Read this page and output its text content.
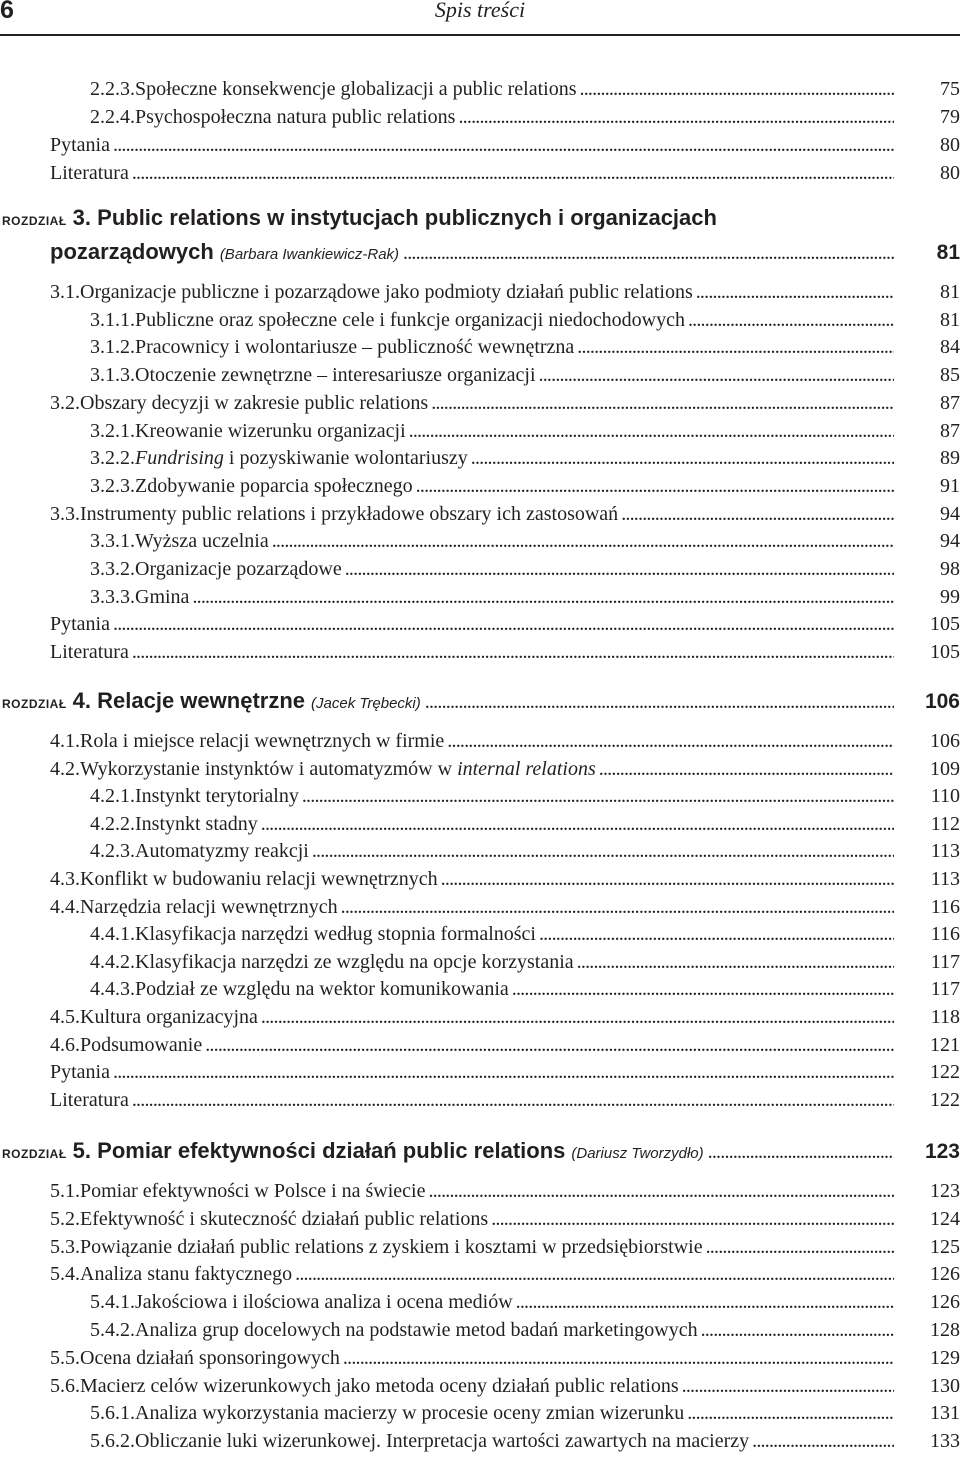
6	Spis treści
2.2.3. Społeczne konsekwencje globalizacji a public relations . . .	75
2.2.4. Psychospołeczna natura public relations . . .	79
Pytania . . .	80
Literatura . . .	80
ROZDZIAŁ 3. Public relations w instytucjach publicznych i organizacjach
pozarządowych (Barbara Iwankiewicz-Rak) . . .	81
3.1. Organizacje publiczne i pozarządowe jako podmioty działań public relations . . .	81
3.1.1. Publiczne oraz społeczne cele i funkcje organizacji niedochodowych . . .	81
3.1.2. Pracownicy i wolontariusze – publiczność wewnętrzna . . .	84
3.1.3. Otoczenie zewnętrzne – interesariusze organizacji . . .	85
3.2. Obszary decyzji w zakresie public relations . . .	87
3.2.1. Kreowanie wizerunku organizacji . . .	87
3.2.2. Fundrising i pozyskiwanie wolontariuszy . . .	89
3.2.3. Zdobywanie poparcia społecznego . . .	91
3.3. Instrumenty public relations i przykładowe obszary ich zastosowań . . .	94
3.3.1. Wyższa uczelnia . . .	94
3.3.2. Organizacje pozarządowe . . .	98
3.3.3. Gmina . . .	99
Pytania . . .	105
Literatura . . .	105
ROZDZIAŁ 4.
Relacje wewnętrzne (Jacek Trębecki) . . .	106
4.1. Rola i miejsce relacji wewnętrznych w firmie . . .	106
4.2. Wykorzystanie instynktów i automatyzmów w internal relations . . .	109
4.2.1. Instynkt terytorialny . . .	110
4.2.2. Instynkt stadny . . .	112
4.2.3. Automatyzmy reakcji . . .	113
4.3. Konflikt w budowaniu relacji wewnętrznych . . .	113
4.4. Narzędzia relacji wewnętrznych . . .	116
4.4.1. Klasyfikacja narzędzi według stopnia formalności . . .	116
4.4.2. Klasyfikacja narzędzi ze względu na opcje korzystania . . .	117
4.4.3. Podział ze względu na wektor komunikowania . . .	117
4.5. Kultura organizacyjna . . .	118
4.6. Podsumowanie . . .	121
Pytania . . .	122
Literatura . . .	122
ROZDZIAŁ 5.
Pomiar efektywności działań public relations (Dariusz Tworzydło) . . .	123
5.1. Pomiar efektywności w Polsce i na świecie . . .	123
5.2. Efektywność i skuteczność działań public relations . . .	124
5.3. Powiązanie działań public relations z zyskiem i kosztami w przedsiębiorstwie . . .	125
5.4. Analiza stanu faktycznego . . .	126
5.4.1. Jakościowa i ilościowa analiza i ocena mediów . . .	126
5.4.2. Analiza grup docelowych na podstawie metod badań marketingowych . . .	128
5.5. Ocena działań sponsoringowych . . .	129
5.6. Macierz celów wizerunkowych jako metoda oceny działań public relations . . .	130
5.6.1. Analiza wykorzystania macierzy w procesie oceny zmian wizerunku . . .	131
5.6.2. Obliczanie luki wizerunkowej. Interpretacja wartości zawartych na macierzy . . .	133
